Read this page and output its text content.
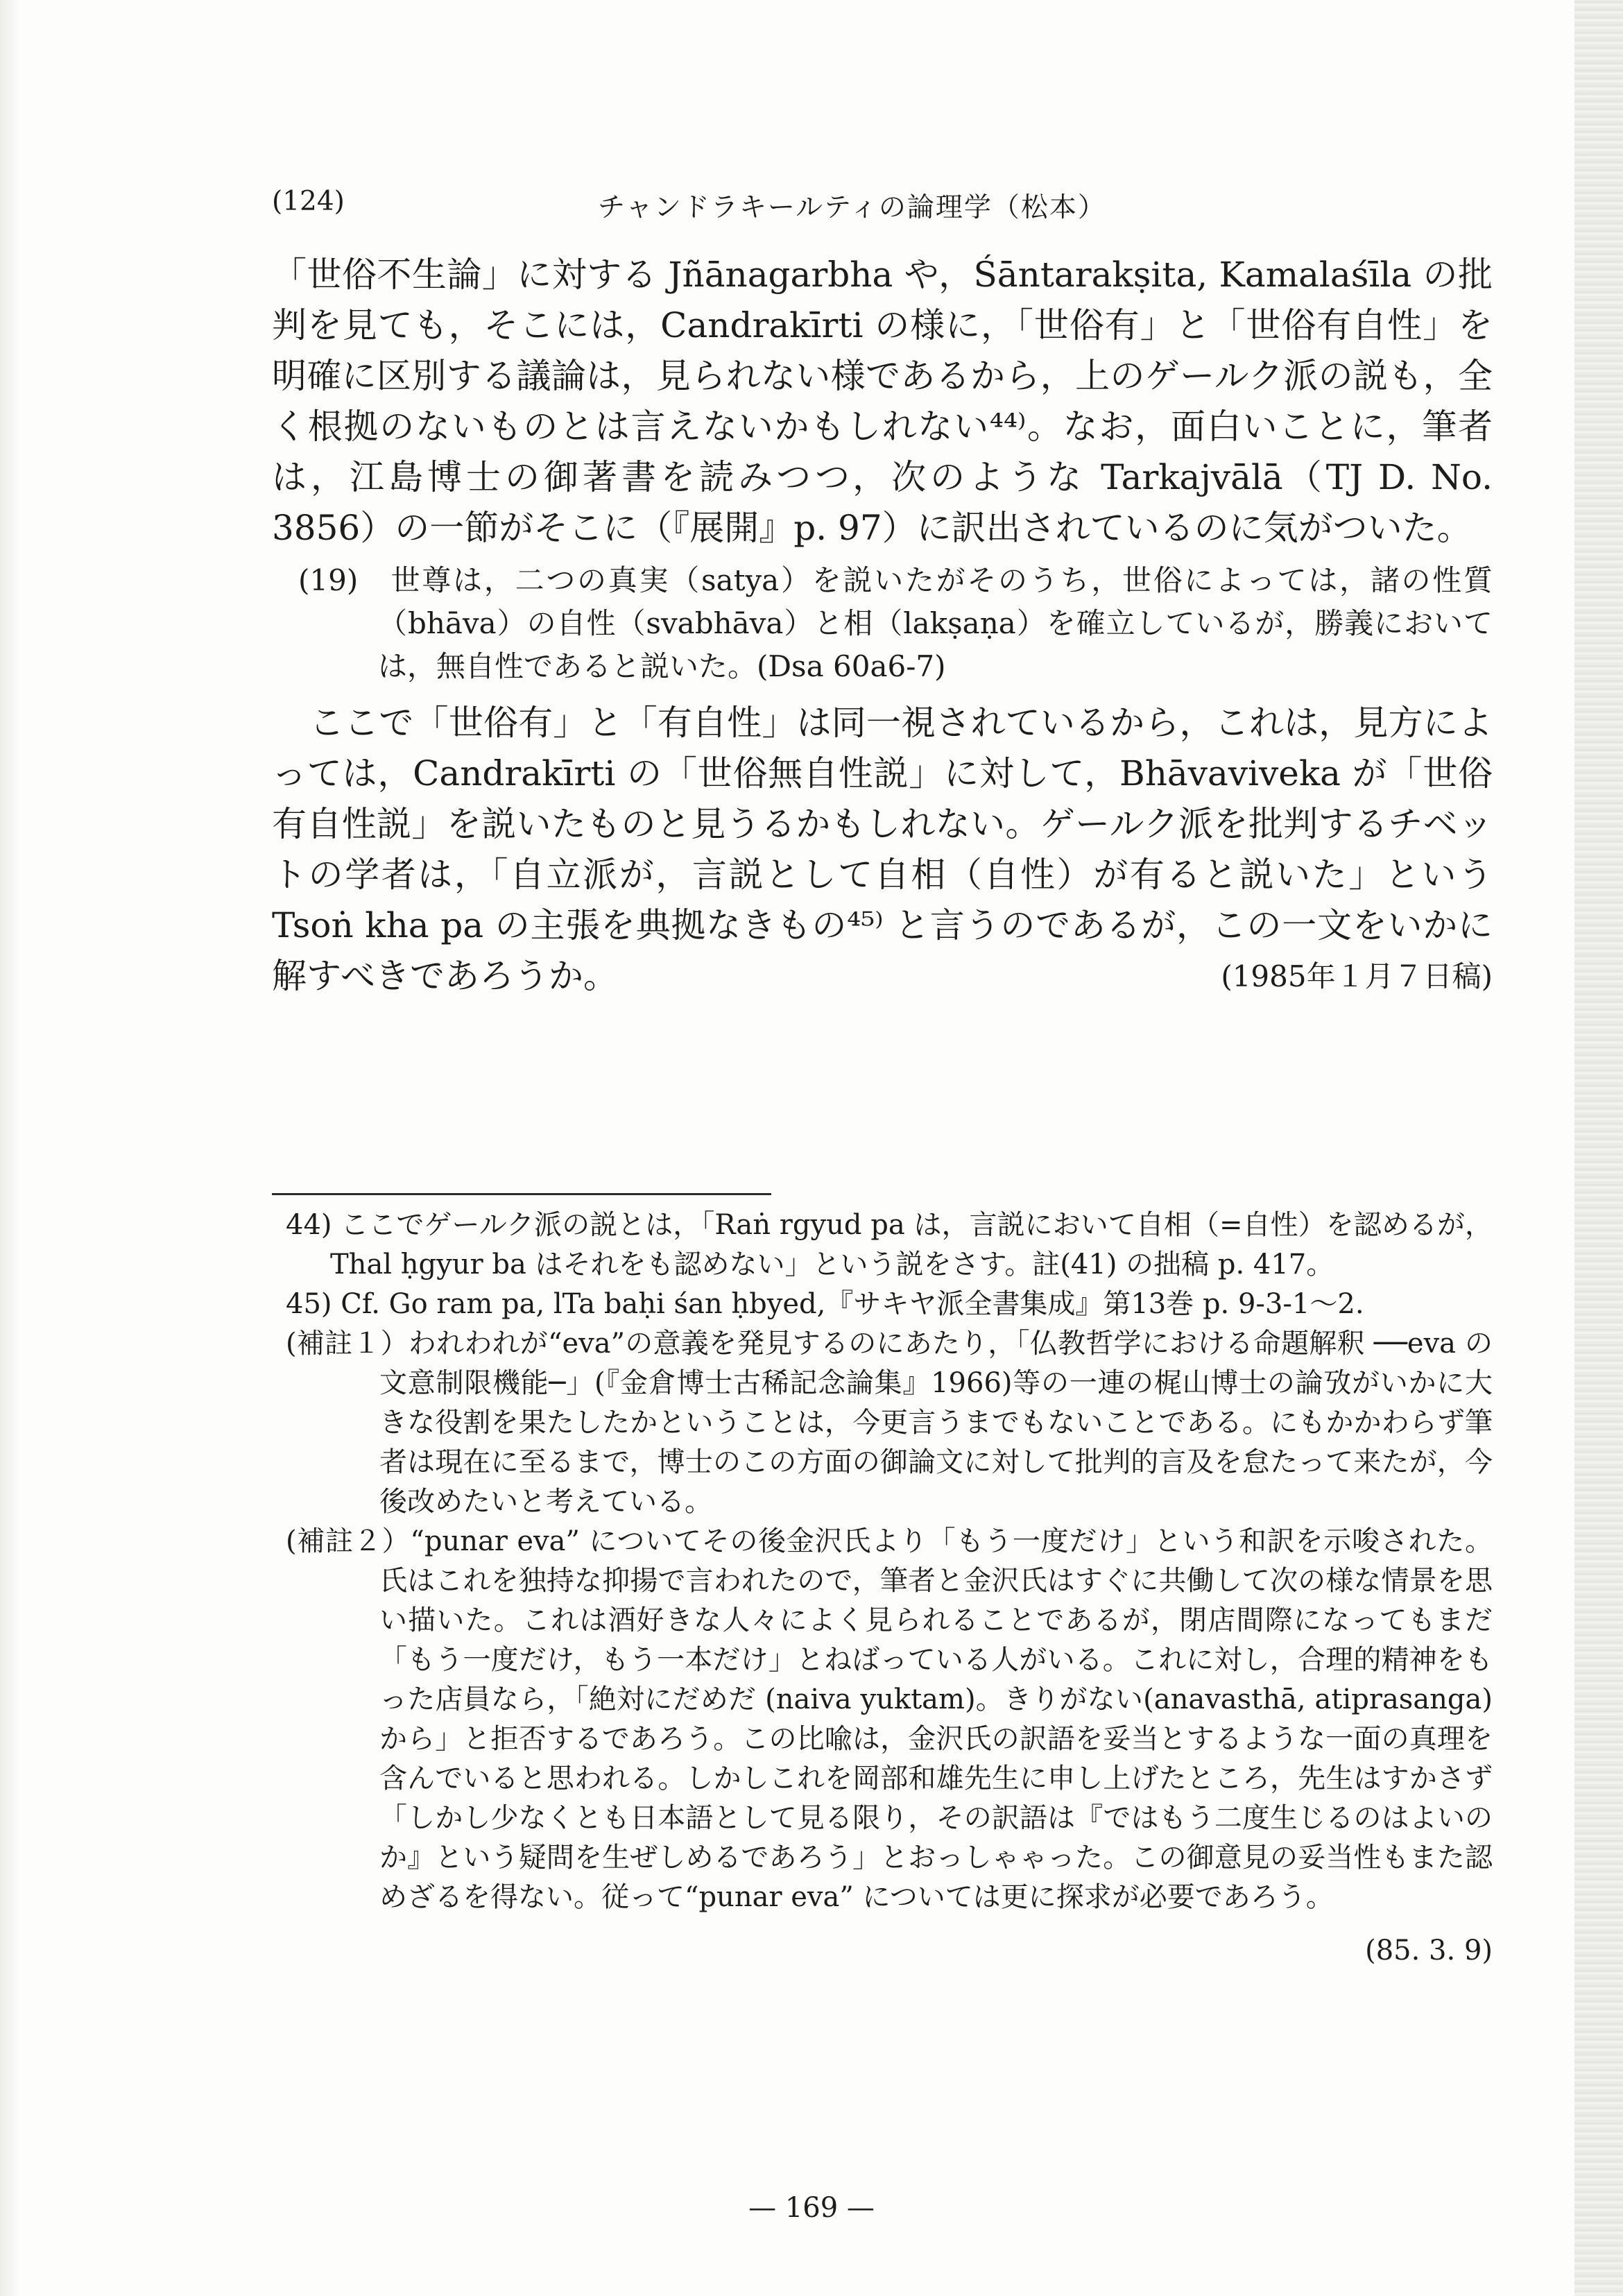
(124)	チャンドラキールティの論理学（松本）

「世俗不生論」に対する Jñānagarbha や，Śāntarakṣita, Kamalaśīla の批判を見ても，そこには，Candrakīrti の様に，「世俗有」と「世俗有自性」を明確に区別する議論は，見られない様であるから，上のゲールク派の説も，全く根拠のないものとは言えないかもしれない⁴⁴⁾。なお，面白いことに，筆者は，江島博士の御著書を読みつつ，次のような Tarkajvālā（TJ D. No. 3856）の一節がそこに（『展開』p. 97）に訳出されているのに気がついた。

(19)　世尊は，二つの真実（satya）を説いたがそのうち，世俗によっては，諸の性質（bhāva）の自性（svabhāva）と相（lakṣaṇa）を確立しているが，勝義においては，無自性であると説いた。(Dsa 60a6-7)

ここで「世俗有」と「有自性」は同一視されているから，これは，見方によっては，Candrakīrti の「世俗無自性説」に対して，Bhāvaviveka が「世俗有自性説」を説いたものと見うるかもしれない。ゲールク派を批判するチベットの学者は，「自立派が，言説として自相（自性）が有ると説いた」という Tsoṅ kha pa の主張を典拠なきもの⁴⁵⁾ と言うのであるが，この一文をいかに解すべきであろうか。	(1985年１月７日稿)

44) ここでゲールク派の説とは，「Raṅ rgyud pa は，言説において自相（=自性）を認めるが，Thal ḥgyur ba はそれをも認めない」という説をさす。註(41) の拙稿 p. 417。

45) Cf. Go ram pa, lTa baḥi śan ḥbyed,『サキヤ派全書集成』第13巻 p. 9-3-1～2.

(補註１）われわれが“eva”の意義を発見するのにあたり，「仏教哲学における命題解釈 ──eva の文意制限機能─」(『金倉博士古稀記念論集』1966)等の一連の梶山博士の論攷がいかに大きな役割を果たしたかということは，今更言うまでもないことである。にもかかわらず筆者は現在に至るまで，博士のこの方面の御論文に対して批判的言及を怠たって来たが，今後改めたいと考えている。

(補註２）“punar eva” についてその後金沢氏より「もう一度だけ」という和訳を示唆された。氏はこれを独持な抑揚で言われたので，筆者と金沢氏はすぐに共働して次の様な情景を思い描いた。これは酒好きな人々によく見られることであるが，閉店間際になってもまだ「もう一度だけ，もう一本だけ」とねばっている人がいる。これに対し，合理的精神をもった店員なら，「絶対にだめだ (naiva yuktam)。きりがない(anavasthā, atiprasanga) から」と拒否するであろう。この比喩は，金沢氏の訳語を妥当とするような一面の真理を含んでいると思われる。しかしこれを岡部和雄先生に申し上げたところ，先生はすかさず「しかし少なくとも日本語として見る限り，その訳語は『ではもう二度生じるのはよいのか』という疑問を生ぜしめるであろう」とおっしゃゃった。この御意見の妥当性もまた認めざるを得ない。従って“punar eva” については更に探求が必要であろう。

(85. 3. 9)

— 169 —
